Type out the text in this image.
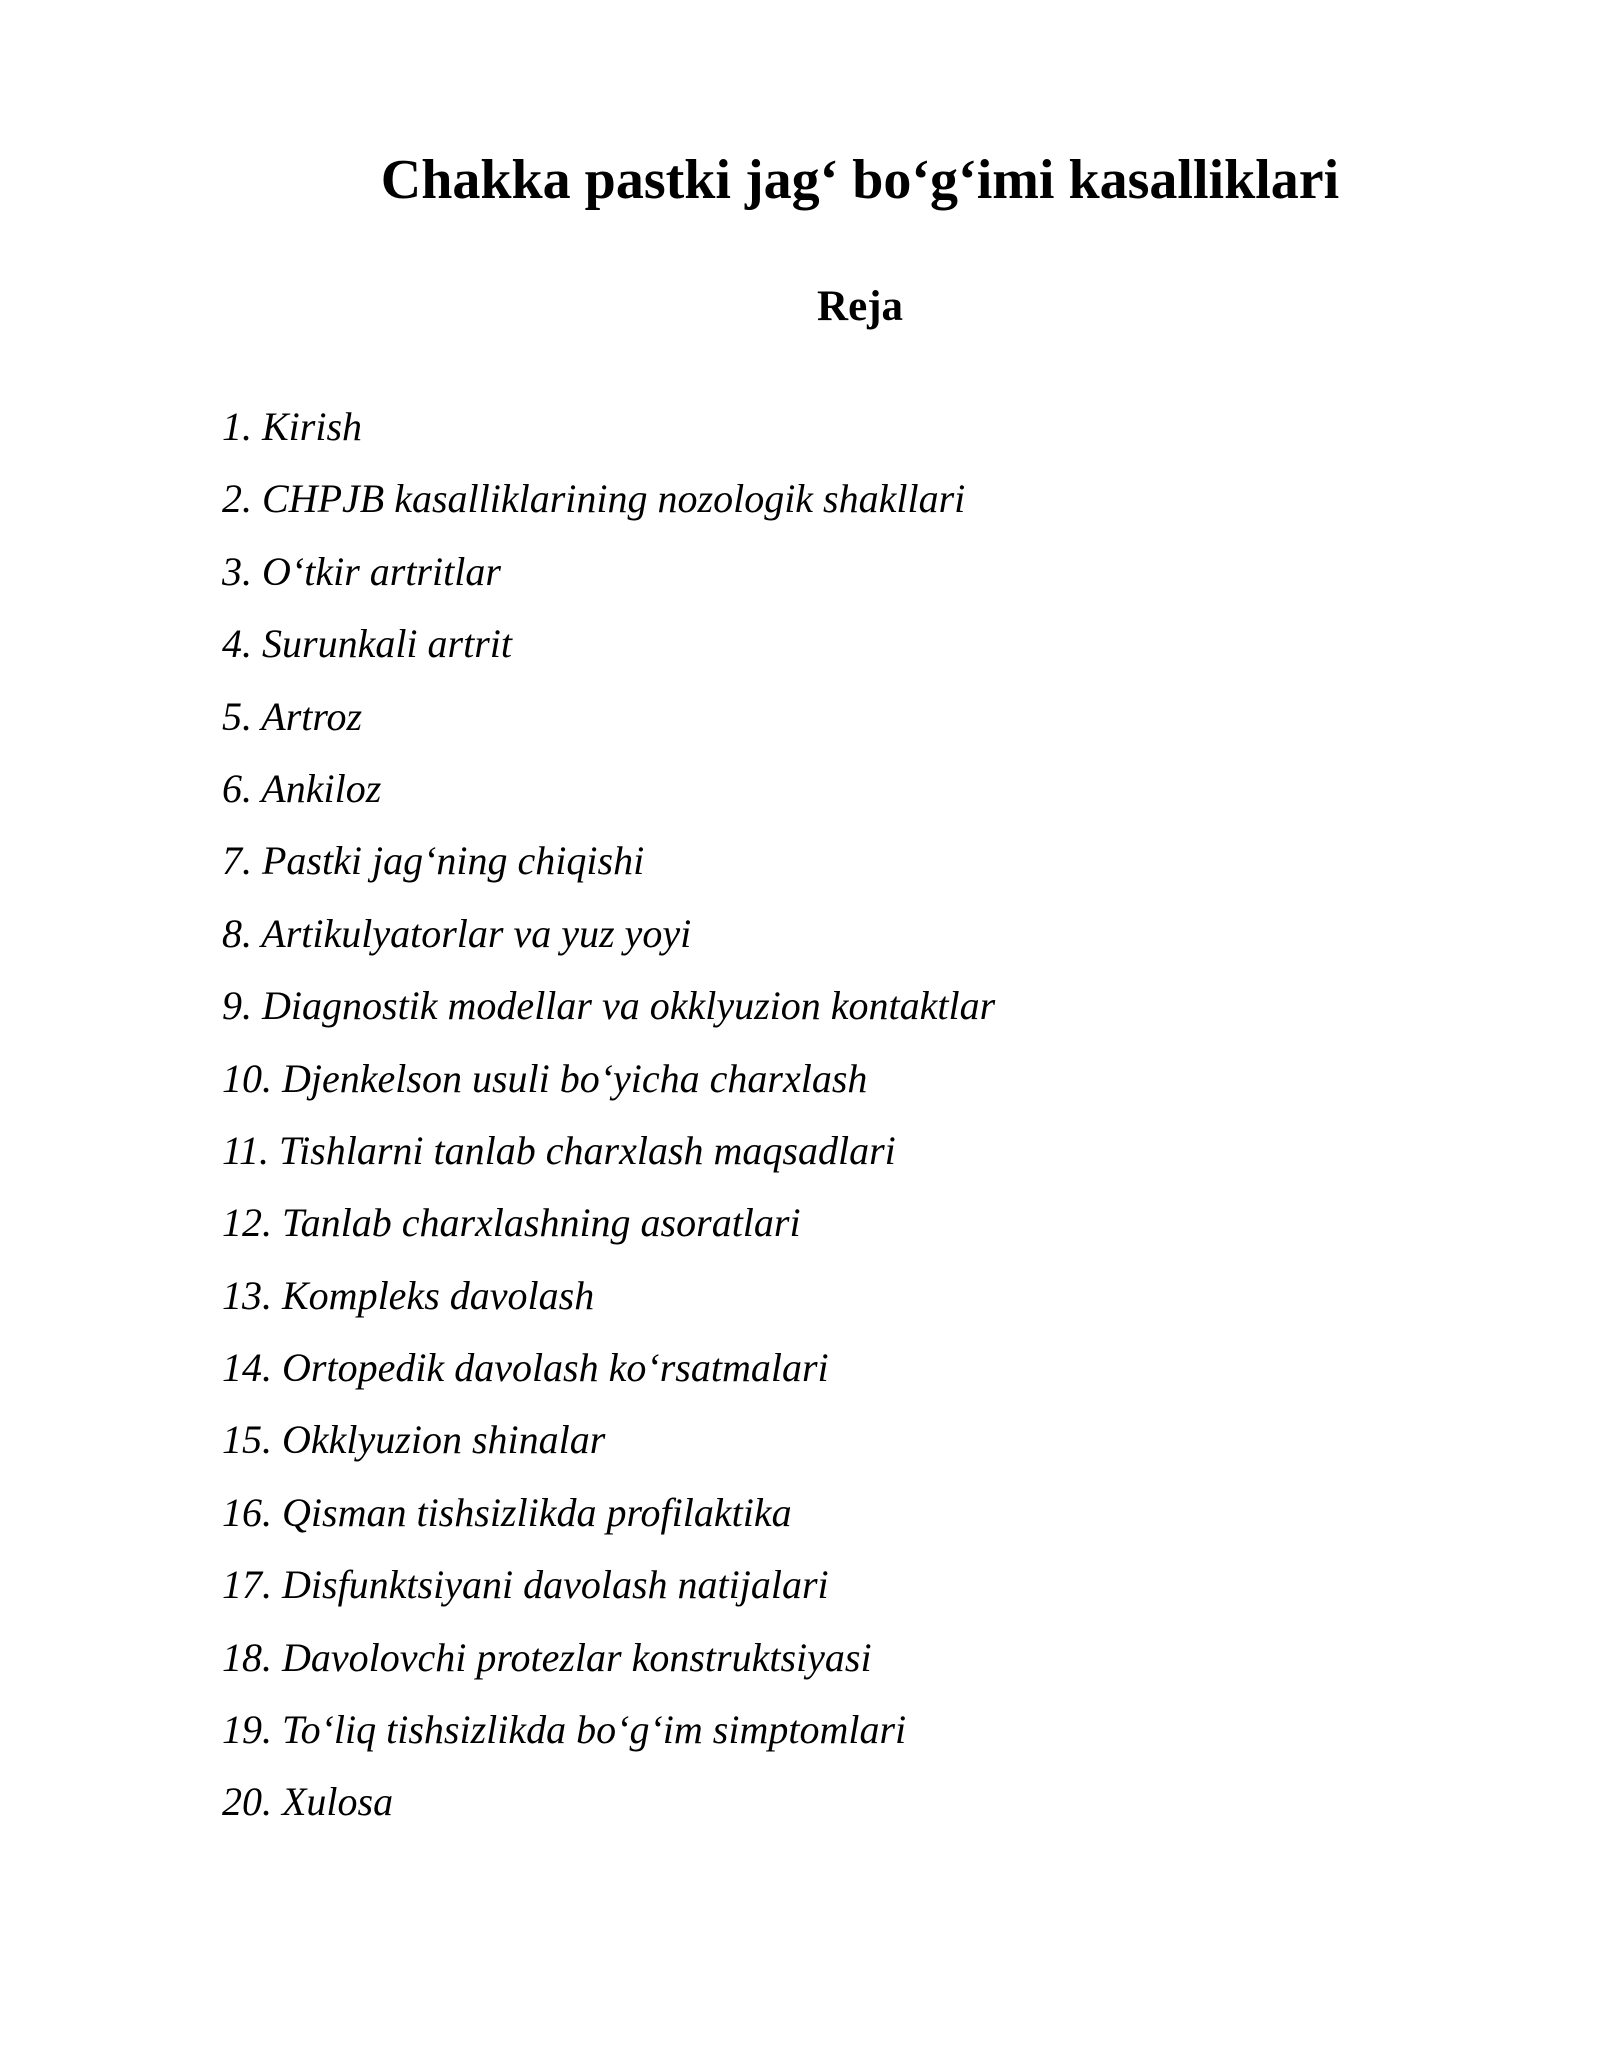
Chakka pastki jag‘ bo‘g‘imi kasalliklari
Reja
1. Kirish
2. CHPJB kasalliklarining nozologik shakllari
3. O‘tkir artritlar
4. Surunkali artrit
5. Artroz
6. Ankiloz
7. Pastki jag‘ning chiqishi
8. Artikulyatorlar va yuz yoyi
9. Diagnostik modellar va okklyuzion kontaktlar
10. Djenkelson usuli bo‘yicha charxlash
11. Tishlarni tanlab charxlash maqsadlari
12. Tanlab charxlashning asoratlari
13. Kompleks davolash
14. Ortopedik davolash ko‘rsatmalari
15. Okklyuzion shinalar
16. Qisman tishsizlikda profilaktika
17. Disfunktsiyani davolash natijalari
18. Davolovchi protezlar konstruktsiyasi
19. To‘liq tishsizlikda bo‘g‘im simptomlari
20. Xulosa
